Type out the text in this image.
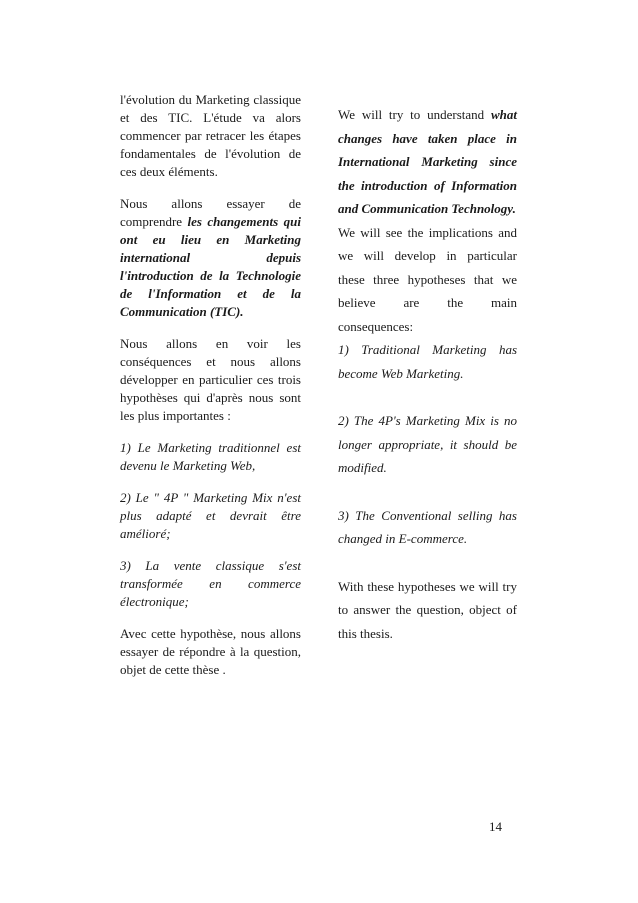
l'évolution du Marketing classique et des TIC. L'étude va alors commencer par retracer les étapes fondamentales de l'évolution de ces deux éléments.

Nous allons essayer de comprendre les changements qui ont eu lieu en Marketing international depuis l'introduction de la Technologie de l'Information et de la Communication (TIC).

Nous allons en voir les conséquences et nous allons développer en particulier ces trois hypothèses qui d'après nous sont les plus importantes :

1) Le Marketing traditionnel est devenu le Marketing Web,

2) Le " 4P " Marketing Mix n'est plus adapté et devrait être amélioré;

3) La vente classique s'est transformée en commerce électronique;

Avec cette hypothèse, nous allons essayer de répondre à la question, objet de cette thèse .

We will try to understand what changes have taken place in International Marketing since the introduction of Information and Communication Technology.

We will see the implications and we will develop in particular these three hypotheses that we believe are the main consequences:

1) Traditional Marketing has become Web Marketing.

2) The 4P's Marketing Mix is no longer appropriate, it should be modified.

3) The Conventional selling has changed in E-commerce.

With these hypotheses we will try to answer the question, object of this thesis.

14
